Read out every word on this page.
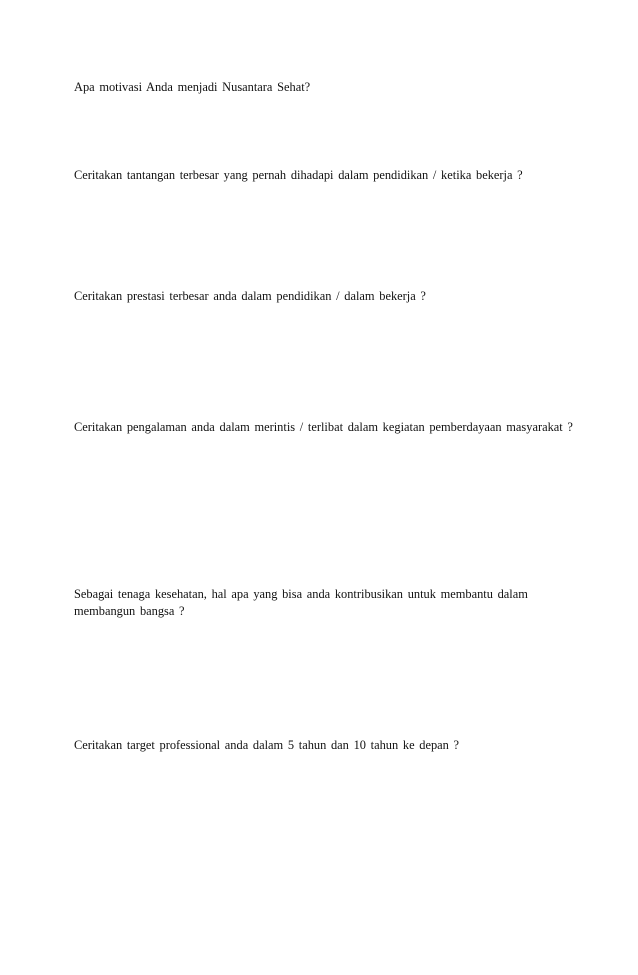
Apa motivasi Anda menjadi Nusantara Sehat?

Ceritakan tantangan terbesar yang pernah dihadapi dalam pendidikan / ketika bekerja ?

Ceritakan prestasi terbesar anda dalam pendidikan / dalam bekerja ?

Ceritakan pengalaman anda dalam merintis / terlibat dalam kegiatan pemberdayaan masyarakat ?

Sebagai tenaga kesehatan, hal apa yang bisa anda kontribusikan untuk membantu dalam membangun bangsa ?

Ceritakan target professional anda dalam 5 tahun dan 10 tahun ke depan ?
